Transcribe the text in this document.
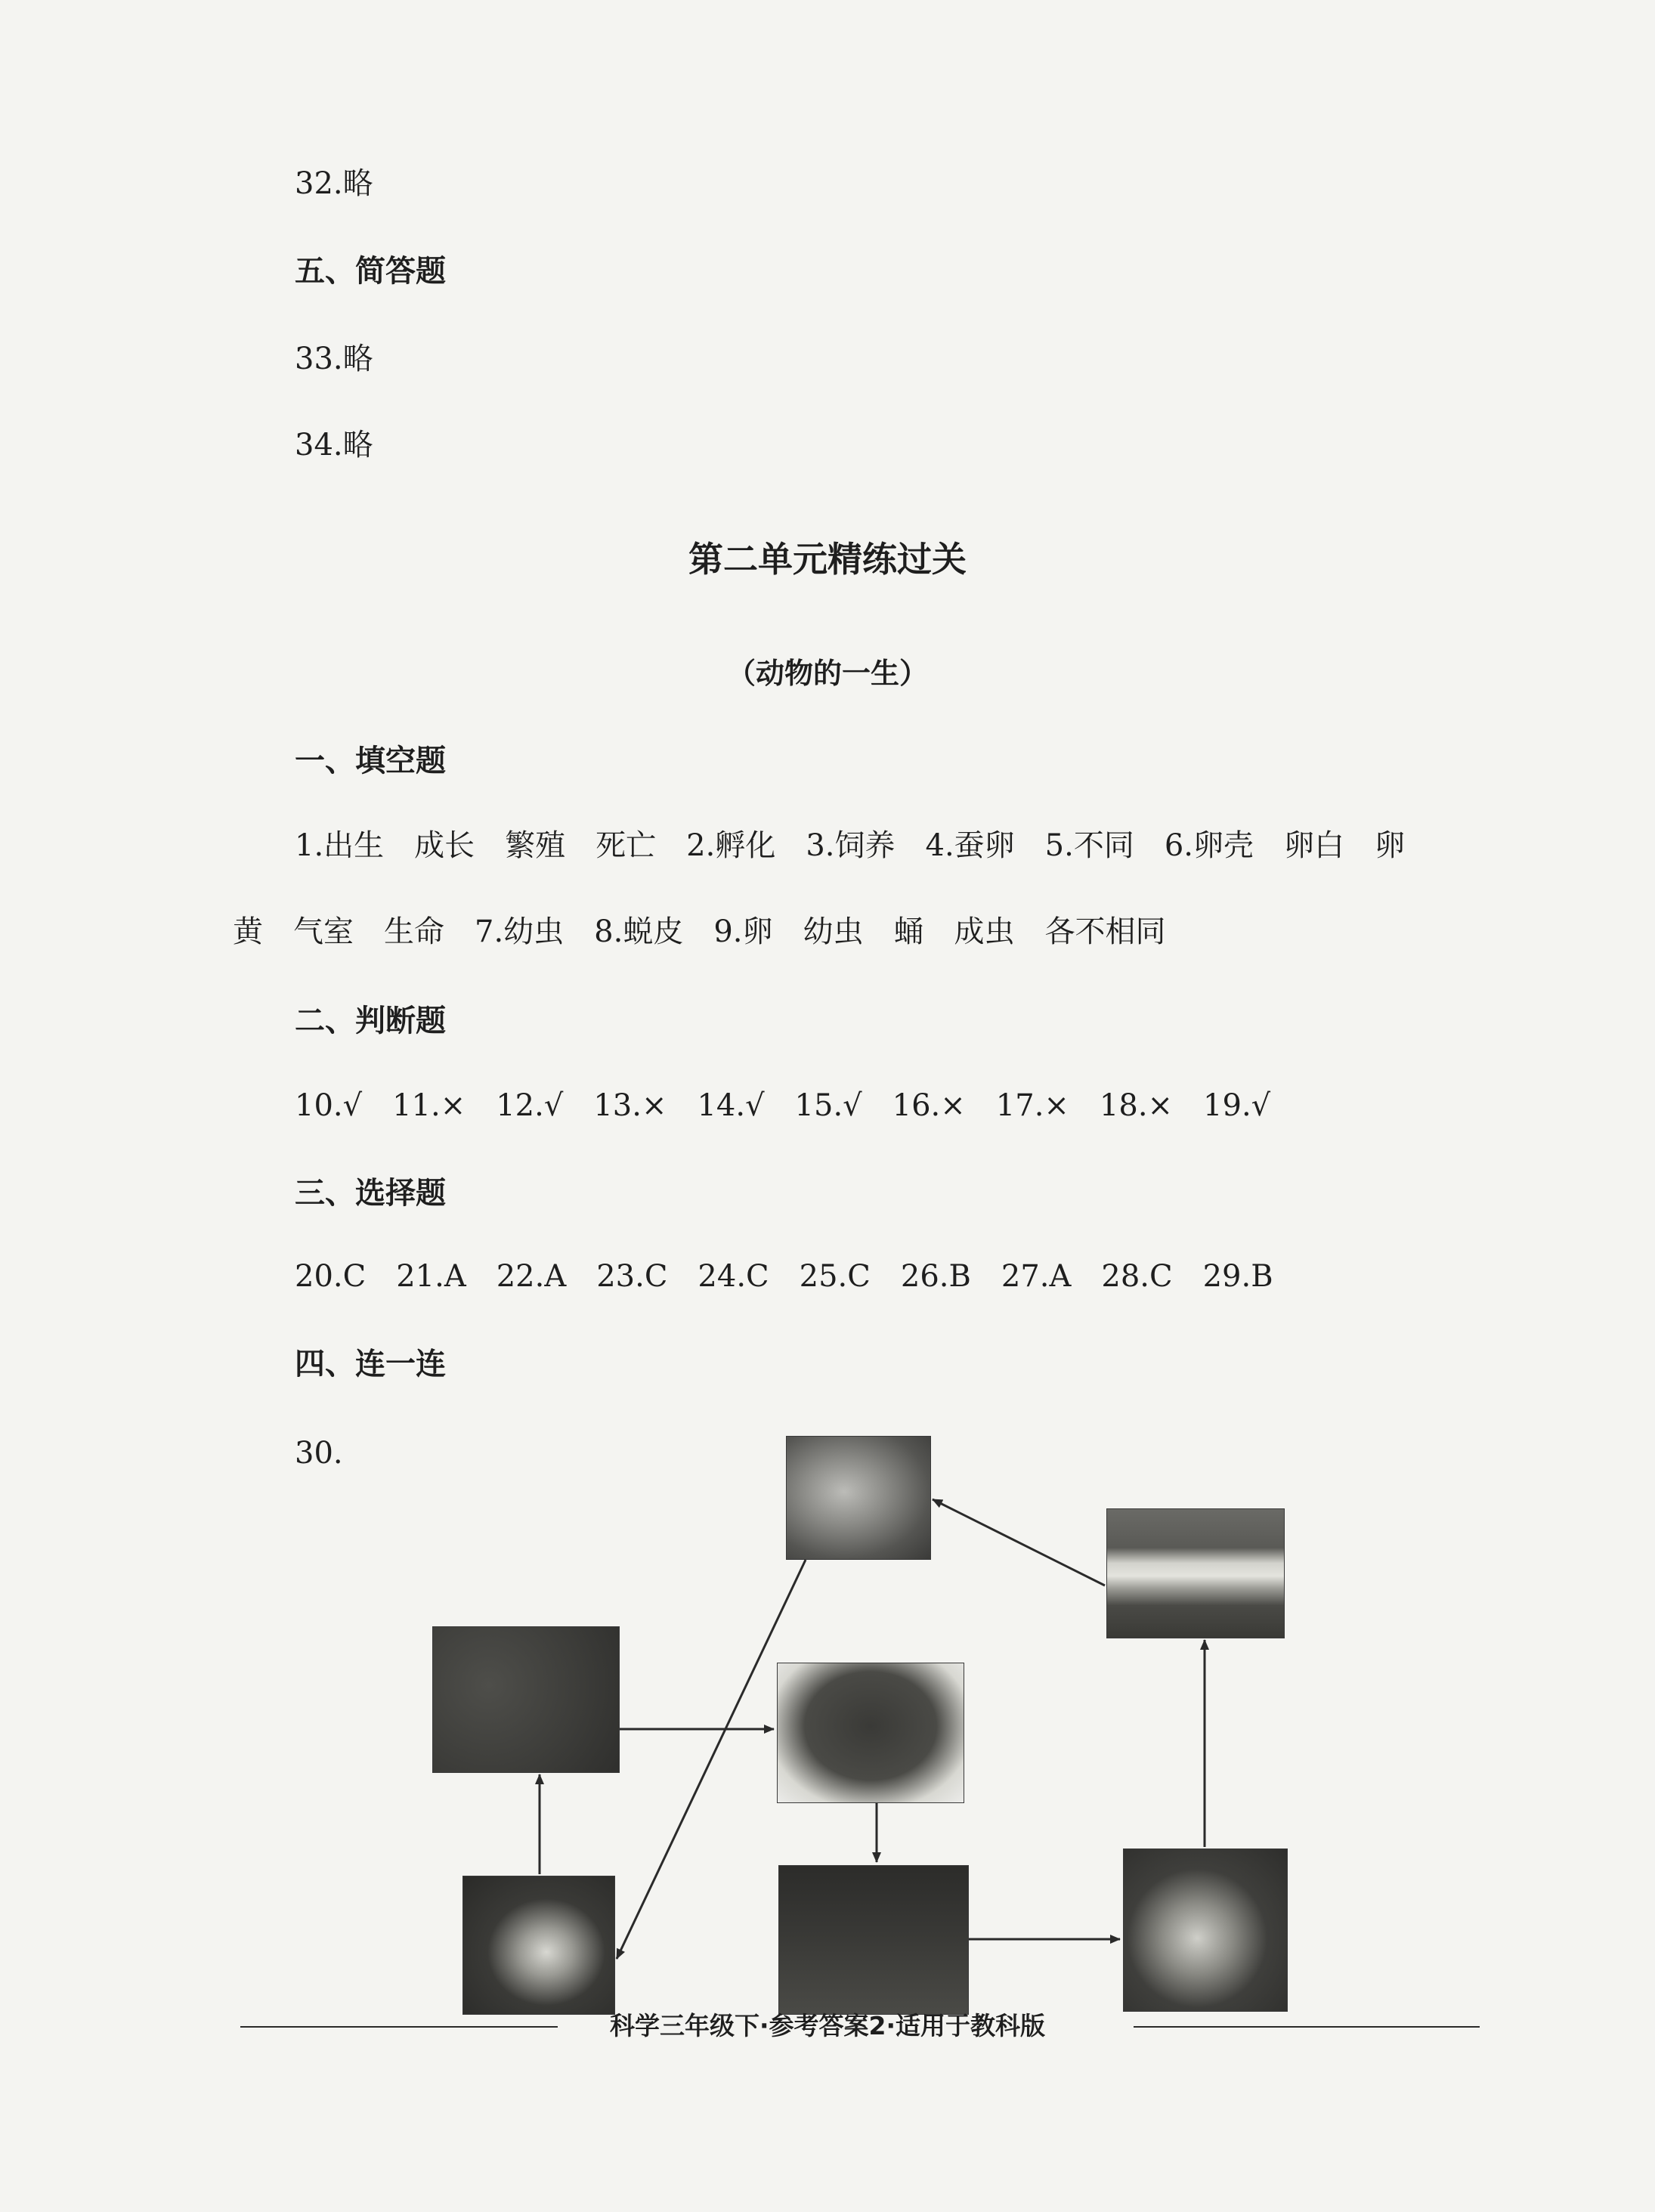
32.略
五、简答题
33.略
34.略
第二单元精练过关
（动物的一生）
一、填空题
1.出生　成长　繁殖　死亡　2.孵化　3.饲养　4.蚕卵　5.不同　6.卵壳　卵白　卵
黄　气室　生命　7.幼虫　8.蜕皮　9.卵　幼虫　蛹　成虫　各不相同
二、判断题
10.√　11.×　12.√　13.×　14.√　15.√　16.×　17.×　18.×　19.√
三、选择题
20.C　21.A　22.A　23.C　24.C　25.C　26.B　27.A　28.C　29.B
四、连一连
30.
科学三年级下·参考答案2·适用于教科版
